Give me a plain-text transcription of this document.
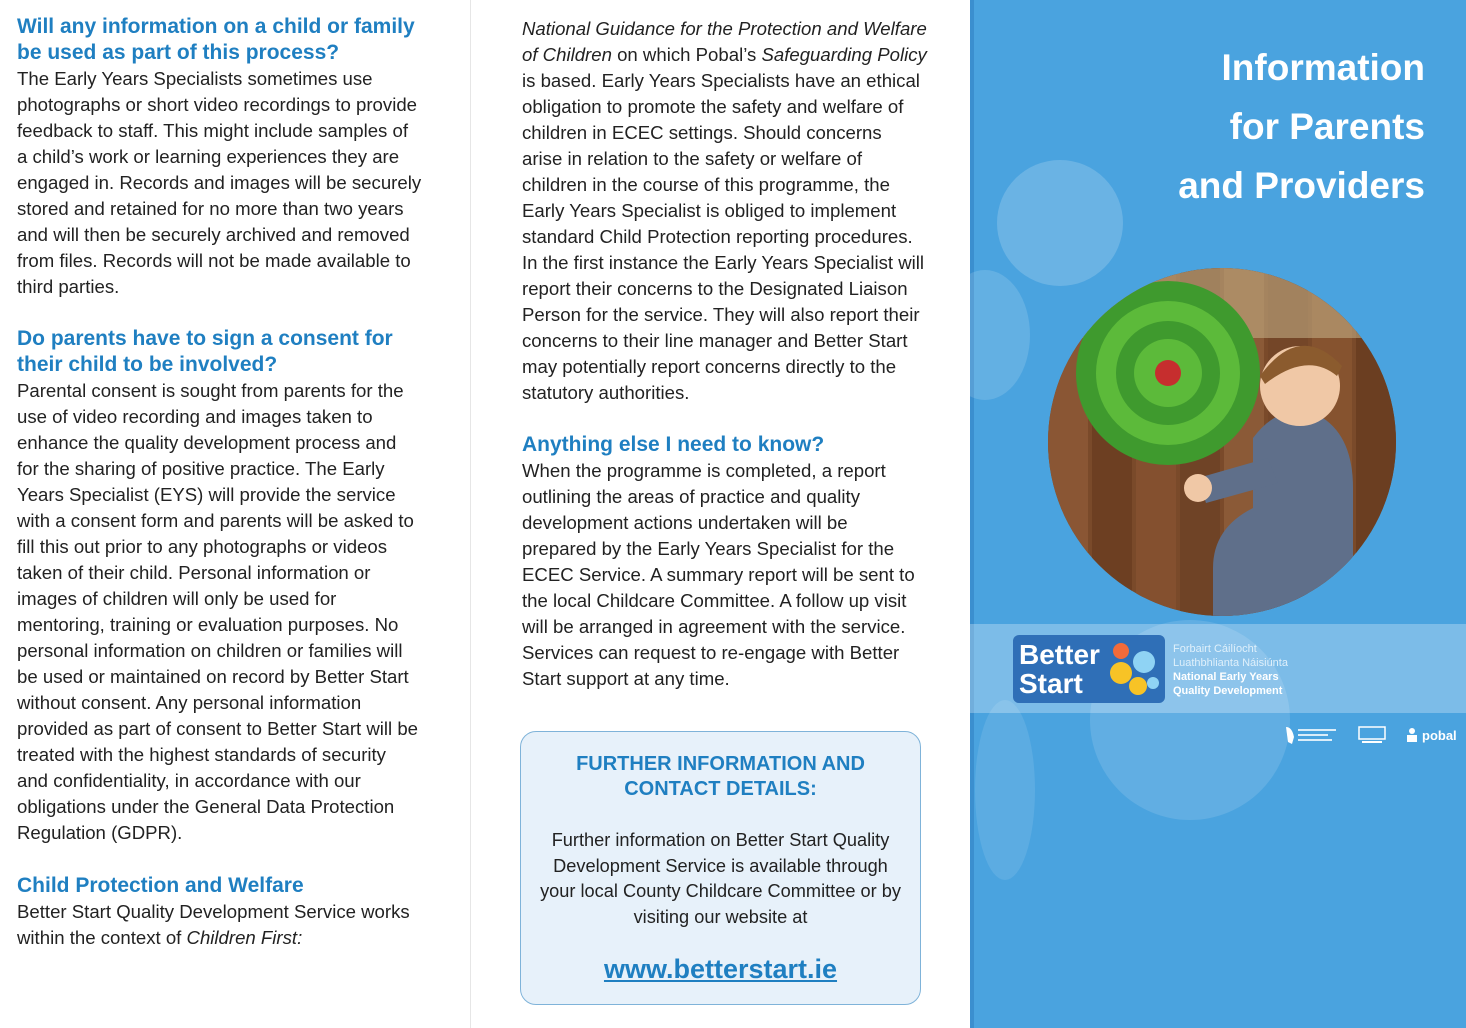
Will any information on a child or family be used as part of this process?

The Early Years Specialists sometimes use photographs or short video recordings to provide feedback to staff. This might include samples of a child’s work or learning experiences they are engaged in. Records and images will be securely stored and retained for no more than two years and will then be securely archived and removed from files. Records will not be made available to third parties.

Do parents have to sign a consent for their child to be involved?

Parental consent is sought from parents for the use of video recording and images taken to enhance the quality development process and for the sharing of positive practice. The Early Years Specialist (EYS) will provide the service with a consent form and parents will be asked to fill this out prior to any photographs or videos taken of their child. Personal information or images of children will only be used for mentoring, training or evaluation purposes. No personal information on children or families will be used or maintained on record by Better Start without consent. Any personal information provided as part of consent to Better Start will be treated with the highest standards of security and confidentiality, in accordance with our obligations under the General Data Protection Regulation (GDPR).

Child Protection and Welfare

Better Start Quality Development Service works within the context of Children First:

National Guidance for the Protection and Welfare of Children on which Pobal’s Safeguarding Policy is based. Early Years Specialists have an ethical obligation to promote the safety and welfare of children in ECEC settings. Should concerns arise in relation to the safety or welfare of children in the course of this programme, the Early Years Specialist is obliged to implement standard Child Protection reporting procedures. In the first instance the Early Years Specialist will report their concerns to the Designated Liaison Person for the service. They will also report their concerns to their line manager and Better Start may potentially report concerns directly to the statutory authorities.

Anything else I need to know?

When the programme is completed, a report outlining the areas of practice and quality development actions undertaken will be prepared by the Early Years Specialist for the ECEC Service. A summary report will be sent to the local Childcare Committee. A follow up visit will be arranged in agreement with the service. Services can request to re-engage with Better Start support at any time.

FURTHER INFORMATION AND
CONTACT DETAILS:

Further information on Better Start Quality Development Service is available through your local County Childcare Committee or by visiting our website at

www.betterstart.ie
Information
for Parents
and Providers
Better
Start
Forbairt Cáilíocht
Luathbhlianta Náisiúnta
National Early Years
Quality Development
pobal
